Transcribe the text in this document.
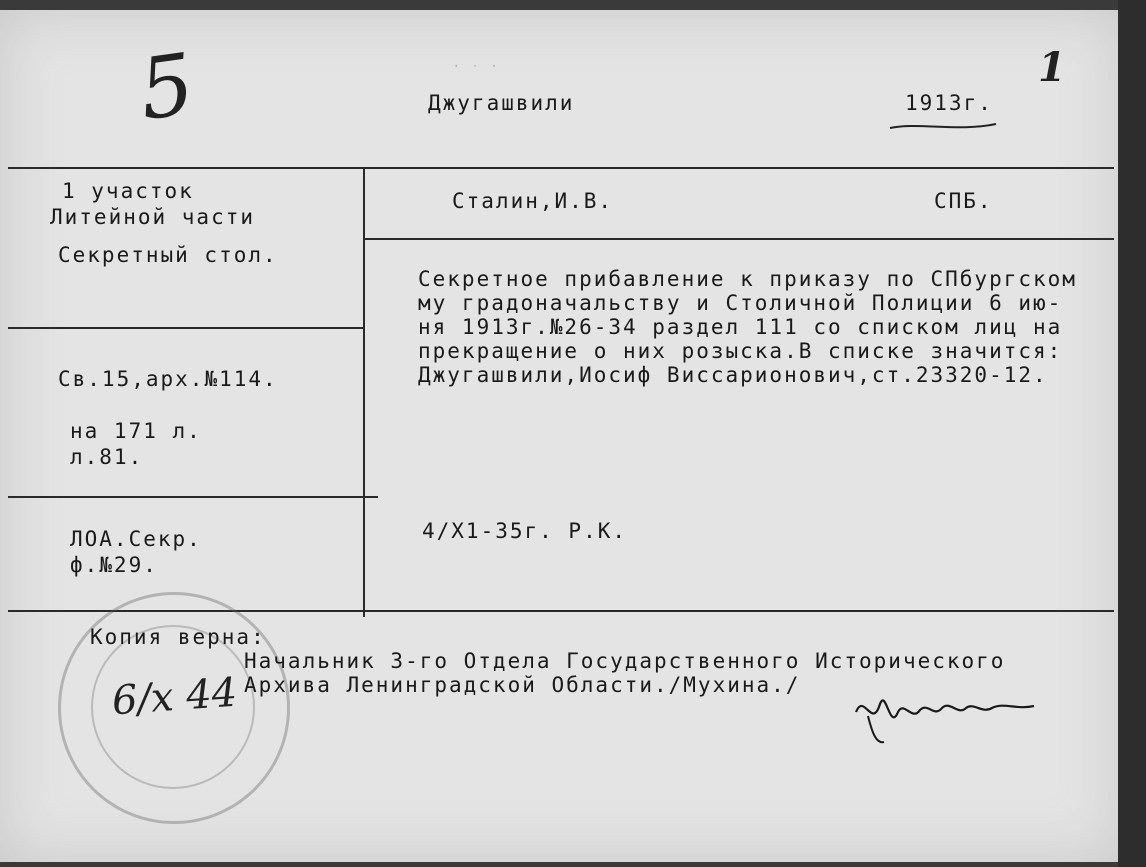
5	· ‧ ·
Джугашвили	1913г.
1
1 участок
Литейной части
Секретный стол.
Св.15,арх.№114.
на 171 л.
л.81.
ЛОА.Секр.
ф.№29.
Сталин,И.В.	СПБ.
Секретное прибавление к приказу по СПбургском
му градоначальству и Столичной Полиции 6 ию-
ня 1913г.№26-34 раздел 111 со списком лиц на
прекращение о них розыска.В списке значится:
Джугашвили,Иосиф Виссарионович,ст.23320-12.
4/Х1-35г. Р.К.
Копия верна:
Начальник 3-го Отдела Государственного Исторического
Архива Ленинградской Области./Мухина./
6/х 44
